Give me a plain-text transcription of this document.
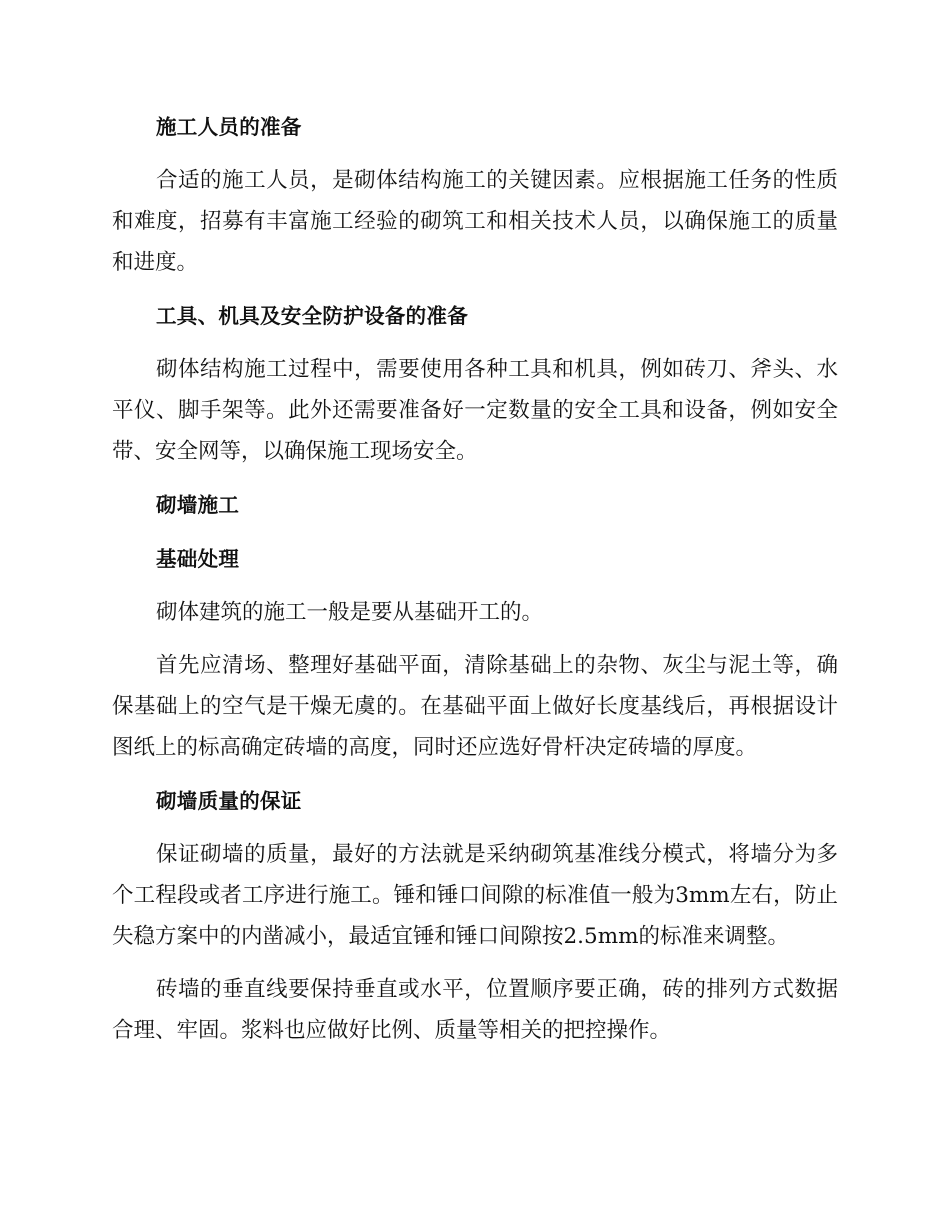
施工人员的准备

合适的施工人员，是砌体结构施工的关键因素。应根据施工任务的性质和难度，招募有丰富施工经验的砌筑工和相关技术人员，以确保施工的质量和进度。

工具、机具及安全防护设备的准备

砌体结构施工过程中，需要使用各种工具和机具，例如砖刀、斧头、水平仪、脚手架等。此外还需要准备好一定数量的安全工具和设备，例如安全带、安全网等，以确保施工现场安全。

砌墙施工
基础处理

砌体建筑的施工一般是要从基础开工的。

首先应清场、整理好基础平面，清除基础上的杂物、灰尘与泥土等，确保基础上的空气是干燥无虞的。在基础平面上做好长度基线后，再根据设计图纸上的标高确定砖墙的高度，同时还应选好骨杆决定砖墙的厚度。

砌墙质量的保证

保证砌墙的质量，最好的方法就是采纳砌筑基准线分模式，将墙分为多个工程段或者工序进行施工。锤和锤口间隙的标准值一般为3mm左右，防止失稳方案中的内凿减小，最适宜锤和锤口间隙按2.5mm的标准来调整。

砖墙的垂直线要保持垂直或水平，位置顺序要正确，砖的排列方式数据合理、牢固。浆料也应做好比例、质量等相关的把控操作。
